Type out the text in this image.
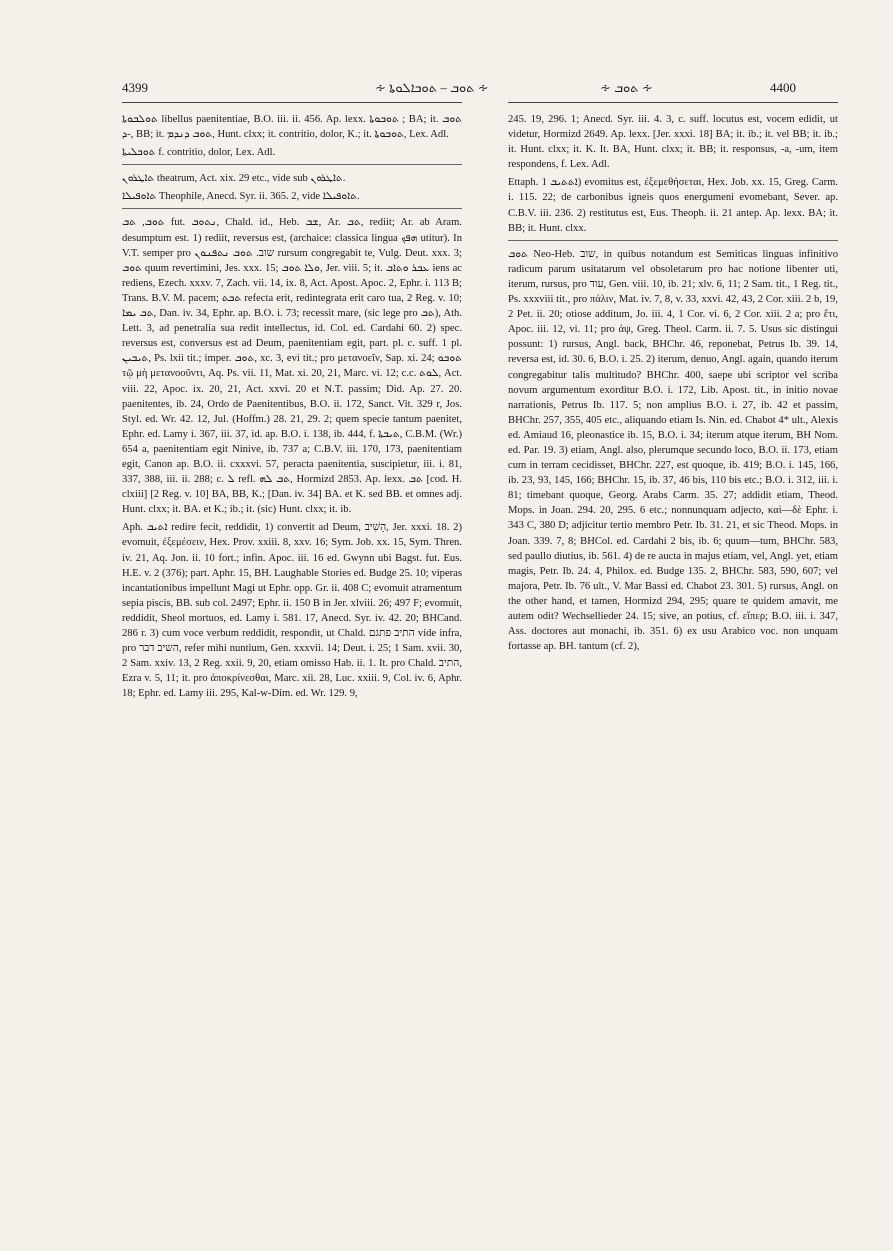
4399	∻ ܬܘܒ – ܬܘܒܐܠܘܬܐ ∻	∻ ܬܘܒ ∻	4400

ܬܘܠܒܘܬܐ libellus paenitentiae, B.O. iii. ii. 456. Ap. lexx. ܬܘܒܘܬܐ ; BA; it. ܬܘܒ ܕ‑, BB; it. ܬܘܒ ܕܢܕܡ, Hunt. clxx; it. contritio, dolor, K.; it. ܬܘܒܘܬܐ, Lex. Adl.

ܬܘܒܠܝܬܐ f. contritio, dolor, Lex. Adl.

ܬܐܛܪܘܢ theatrum, Act. xix. 29 etc., vide sub ܬܐܛܪܘܢ.

ܬܐܘܦܝܠܐ Theophile, Anecd. Syr. ii. 365. 2, vide ܬܐܘܦܝܠܐ.

ܬܘܒ, ܬܒ fut. ܢܬܘܒ, Chald. id., Heb. ܫܒ, Ar. ܬܒ, rediit; Ar. ab Aram. desumptum est. 1) rediit, reversus est, (archaice: classica lingua ܗܦܟ utitur). In V.T. semper pro שוב. ܬܘܒ ܢܬܦܢܘܢ rursum congregabit te, Vulg. Deut. xxx. 3; ܬܘܒ quum revertimini, Jes. xxx. 15; ܘܠܐ ܬܘܒ, Jer. viii. 5; it. ܥܒܪ ܘܬܐܒ iens ac rediens, Ezech. xxxv. 7, Zach. vii. 14, ix. 8, Act. Apost. Apoc. 2, Ephr. i. 113 B; Trans. B.V. M. pacem; ܬܒܬ refecta erit, redintegrata erit caro tua, 2 Reg. v. 10; ܬܒ ܝܡܐ, Dan. iv. 34, Ephr. ap. B.O. i. 73; recessit mare, (sic lege pro ܬܒ), Ath. Lett. 3, ad penetralia sua redit intellectus, id. Col. ed. Cardahi 60. 2) spec. reversus est, conversus est ad Deum, paenitentiam egit, part. pl. c. suff. 1 pl. ܬܝܒܝܢ, Ps. lxii tit.; imper. ܬܘܒ, xc. 3, evi tit.; pro μετανοεῖν, Sap. xi. 24; ܬܘܒܘ τῷ μὴ μετανοοῦντι, Aq. Ps. vii. 11, Mat. xi. 20, 21, Marc. vi. 12; c.c. ܠܘܬ, Act. viii. 22, Apoc. ix. 20, 21, Act. xxvi. 20 et N.T. passim; Did. Ap. 27. 20. paenitentes, ib. 24, Ordo de Paenitentibus, B.O. ii. 172, Sanct. Vit. 329 r, Jos. Styl. ed. Wr. 42. 12, Jul. (Hoffm.) 28. 21, 29. 2; quem specie tantum paenitet, Ephr. ed. Lamy i. 367, iii. 37, id. ap. B.O. i. 138, ib. 444, f. ܬܝܒܬܐ, C.B.M. (Wr.) 654 a, paenitentiam egit Ninive, ib. 737 a; C.B.V. iii. 170, 173, paenitentiam egit, Canon ap. B.O. ii. cxxxvi. 57, peracta paenitentia, suscipietur, iii. i. 81, 337, 388, iii. ii. 288; c. ܠ refl. ܬܒ ܠܗ, Hormizd 2853. Ap. lexx. ܬܒ [cod. H. clxiii] [2 Reg. v. 10] BA, BB, K.; [Dan. iv. 34] BA. et K. sed BB. et omnes adj. Hunt. clxx; it. BA. et K.; ib.; it. (sic) Hunt. clxx; it. ib.

Aph. ܐܬܝܒ redire fecit, reddidit, 1) convertit ad Deum, הֵשִׁיב, Jer. xxxi. 18. 2) evomuit, ἐξεμέσειν, Hex. Prov. xxiii. 8, xxv. 16; Sym. Job. xx. 15, Sym. Thren. iv. 21, Aq. Jon. ii. 10 fort.; infin. Apoc. iii. 16 ed. Gwynn ubi Bagst. fut. Eus. H.E. v. 2 (376); part. Aphr. 15, BH. Laughable Stories ed. Budge 25. 10; viperas incantationibus impellunt Magi ut Ephr. opp. Gr. ii. 408 C; evomuit atramentum sepia piscis, BB. sub col. 2497; Ephr. ii. 150 B in Jer. xlviii. 26; 497 F; evomuit, reddidit, Sheol mortuos, ed. Lamy i. 581. 17, Anecd. Syr. iv. 42. 20; BHCand. 286 r. 3) cum voce verbum reddidit, respondit, ut Chald. התיב פתגם vide infra, pro השיב דבר, refer mihi nuntium, Gen. xxxvii. 14; Deut. i. 25; 1 Sam. xvii. 30, 2 Sam. xxiv. 13, 2 Reg. xxii. 9, 20, etiam omisso Hab. ii. 1. It. pro Chald. התיב, Ezra v. 5, 11; it. pro ἀποκρίνεσθαι, Marc. xii. 28, Luc. xxiii. 9, Col. iv. 6, Aphr. 18; Ephr. ed. Lamy iii. 295, Kal‑w‑Dim. ed. Wr. 129. 9,

245. 19, 296. 1; Anecd. Syr. iii. 4. 3, c. suff. locutus est, vocem edidit, ut videtur, Hormizd 2649. Ap. lexx. [Jer. xxxi. 18] BA; it. ib.; it. vel BB; it. ib.; it. Hunt. clxx; it. K. It. BA, Hunt. clxx; it. BB; it. responsus, -a, -um, item respondens, f. Lex. Adl.

Ettaph. ܐܬܬܝܒ 1) evomitus est, ἐξεμεθήσεται, Hex. Job. xx. 15, Greg. Carm. i. 115. 22; de carbonibus igneis quos energumeni evomebant, Sever. ap. C.B.V. iii. 236. 2) restitutus est, Eus. Theoph. ii. 21 antep. Ap. lexx. BA; it. BB; it. Hunt. clxx.

ܬܘܒ Neo‑Heb. שוב, in quibus notandum est Semiticas linguas infinitivo radicum parum usitatarum vel obsoletarum pro hac notione libenter uti, iterum, rursus, pro עוד, Gen. viii. 10, ib. 21; xlv. 6, 11; 2 Sam. tit., 1 Reg. tit., Ps. xxxviii tit., pro πάλιν, Mat. iv. 7, 8, v. 33, xxvi. 42, 43, 2 Cor. xiii. 2 b, 19, 2 Pet. ii. 20; otiose additum, Jo. iii. 4, 1 Cor. vi. 6, 2 Cor. xiii. 2 a; pro ἔτι, Apoc. iii. 12, vi. 11; pro ἀψ, Greg. Theol. Carm. ii. 7. 5. Usus sic distingui possunt: 1) rursus, Angl. back, BHChr. 46, reponebat, Petrus Ib. 39. 14, reversa est, id. 30. 6, B.O. i. 25. 2) iterum, denuo, Angl. again, quando iterum congregabitur talis multitudo? BHChr. 400, saepe ubi scriptor vel scriba novum argumentum exorditur B.O. i. 172, Lib. Apost. tit., in initio novae narrationis, Petrus Ib. 117. 5; non amplius B.O. i. 27, ib. 42 et passim, BHChr. 257, 355, 405 etc., aliquando etiam Is. Nin. ed. Chabot 4* ult., Alexis ed. Amiaud 16, pleonastice ib. 15, B.O. i. 34; iterum atque iterum, BH Nom. ed. Par. 19. 3) etiam, Angl. also, plerumque secundo loco, B.O. ii. 173, etiam cum in terram cecidisset, BHChr. 227, est quoque, ib. 419; B.O. i. 145, 166, ib. 23, 93, 145, 166; BHChr. 15, ib. 37, 46 bis, 110 bis etc.; B.O. i. 312, iii. i. 81; timebant quoque, Georg. Arabs Carm. 35. 27; addidit etiam, Theod. Mops. in Joan. 294. 20, 295. 6 etc.; nonnunquam adjecto, καὶ—δὲ Ephr. i. 343 C, 380 D; adjicitur tertio membro Petr. Ib. 31. 21, et sic Theod. Mops. in Joan. 339. 7, 8; BHCol. ed. Cardahi 2 bis, ib. 6; quum—tum, BHChr. 583, sed paullo diutius, ib. 561. 4) de re aucta in majus etiam, vel, Angl. yet, etiam magis, Petr. Ib. 24. 4, Philox. ed. Budge 135. 2, BHChr. 583, 590, 607; vel majora, Petr. Ib. 76 ult., V. Mar Bassi ed. Chabot 23. 301. 5) rursus, Angl. on the other hand, et tamen, Hormizd 294, 295; quare te quidem amavit, me autem odit? Wechsellieder 24. 15; sive, an potius, cf. εἴπερ; B.O. iii. i. 347, Ass. doctores aut monachi, ib. 351. 6) ex usu Arabico voc. non unquam fortasse ap. BH. tantum (cf. 2),
